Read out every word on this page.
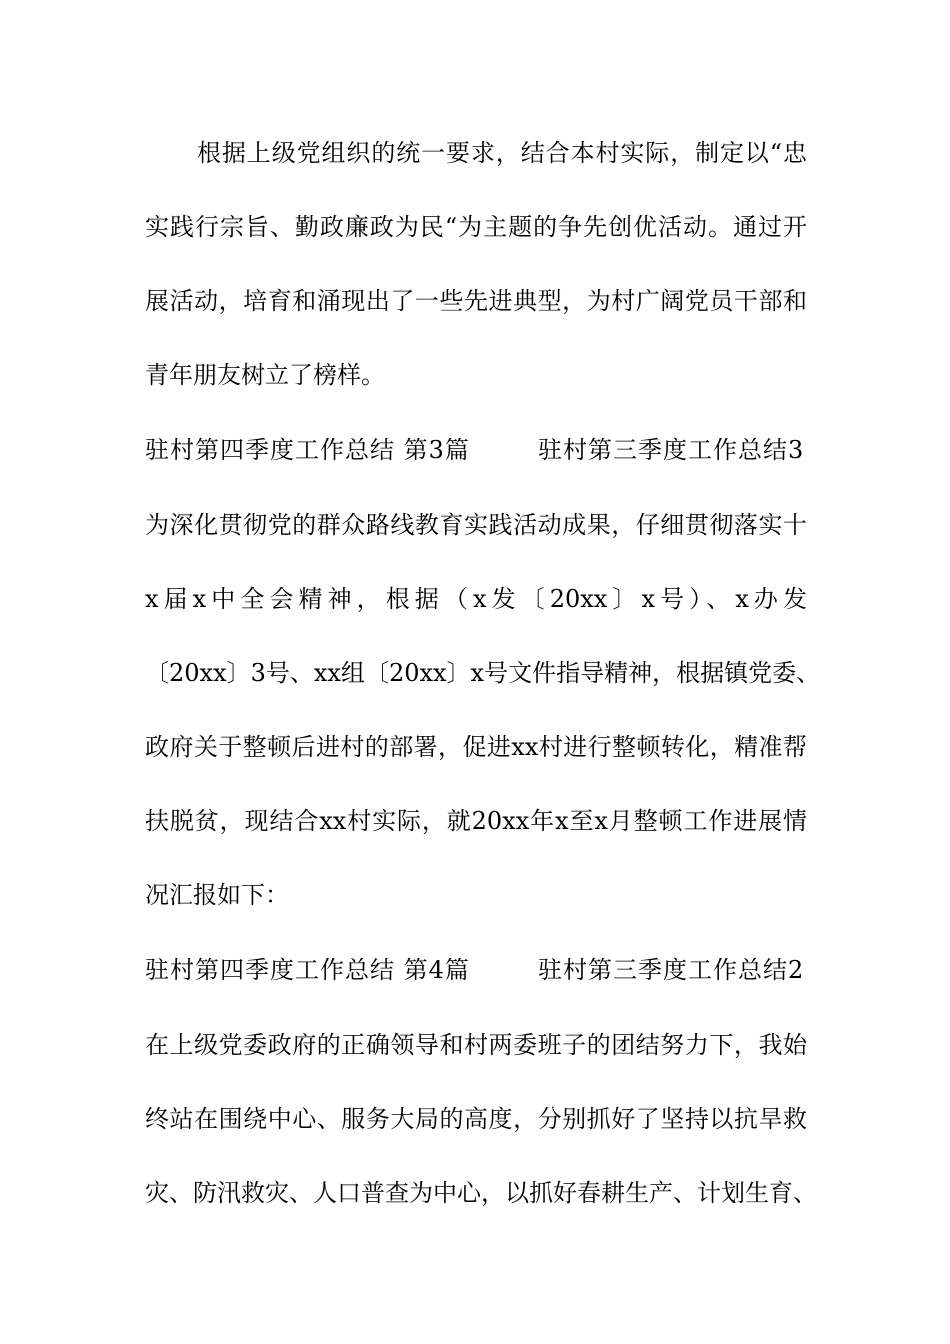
根据上级党组织的统一要求，结合本村实际，制定以“忠
实践行宗旨、勤政廉政为民“为主题的争先创优活动。通过开
展活动，培育和涌现出了一些先进典型，为村广阔党员干部和
青年朋友树立了榜样。
驻村第四季度工作总结 第3篇	驻村第三季度工作总结3
为深化贯彻党的群众路线教育实践活动成果，仔细贯彻落实十
x届x中全会精神，根据（x发〔20xx〕x号）、x办发
〔20xx〕3号、xx组〔20xx〕x号文件指导精神，根据镇党委、
政府关于整顿后进村的部署，促进xx村进行整顿转化，精准帮
扶脱贫，现结合xx村实际，就20xx年x至x月整顿工作进展情
况汇报如下：
驻村第四季度工作总结 第4篇	驻村第三季度工作总结2
在上级党委政府的正确领导和村两委班子的团结努力下，我始
终站在围绕中心、服务大局的高度，分别抓好了坚持以抗旱救
灾、防汛救灾、人口普查为中心，以抓好春耕生产、计划生育、
